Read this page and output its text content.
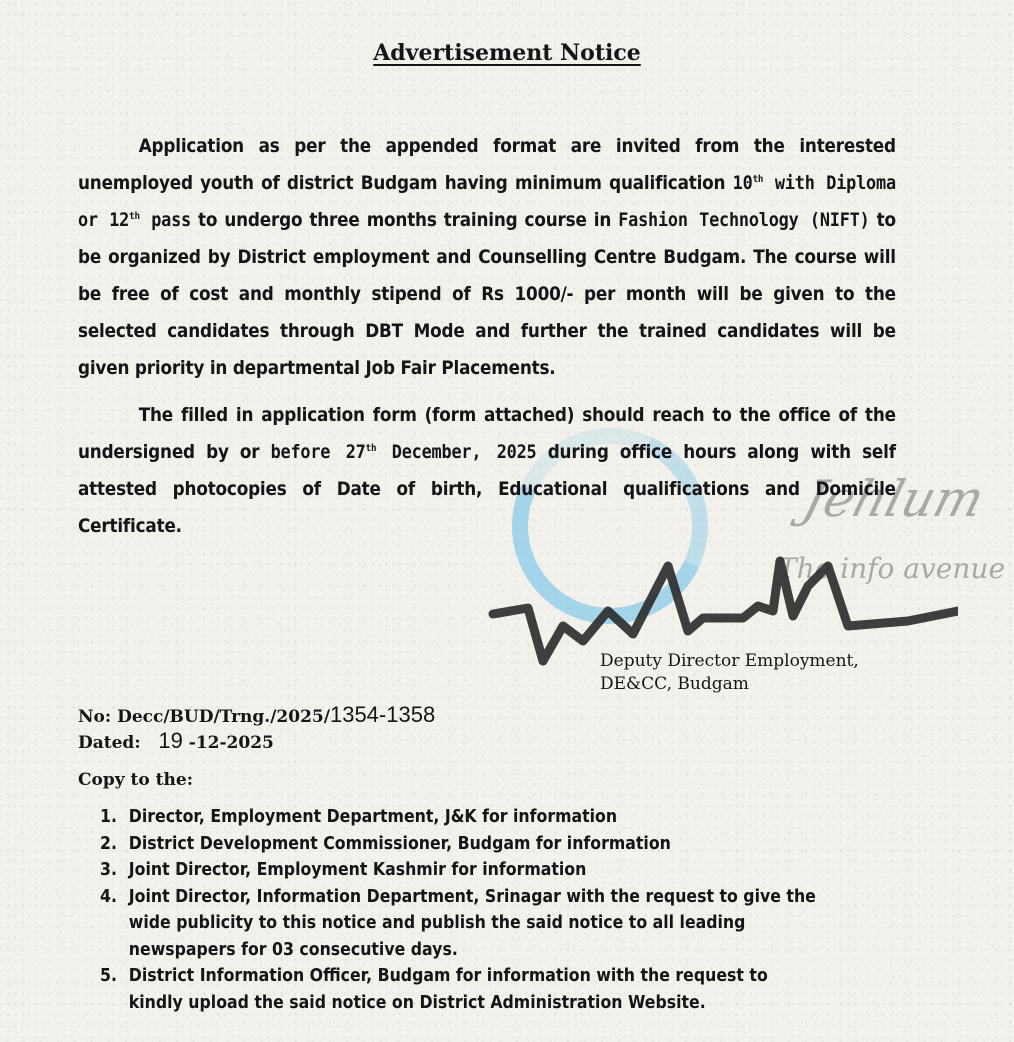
Jehlum
The info avenue
Advertisement Notice
Application as per the appended format are invited from the interested unemployed youth of district Budgam having minimum qualification 10th with Diploma or 12th pass to undergo three months training course in Fashion Technology (NIFT) to be organized by District employment and Counselling Centre Budgam. The course will be free of cost and monthly stipend of Rs 1000/- per month will be given to the selected candidates through DBT Mode and further the trained candidates will be given priority in departmental Job Fair Placements.
The filled in application form (form attached) should reach to the office of the undersigned by or before 27th December, 2025 during office hours along with self attested photocopies of Date of birth, Educational qualifications and Domicile Certificate.
Deputy Director Employment,
DE&CC, Budgam
No: Decc/BUD/Trng./2025/1354-1358
Dated: 19 -12-2025
Copy to the:
1. Director, Employment Department, J&K for information
2. District Development Commissioner, Budgam for information
3. Joint Director, Employment Kashmir for information
4. Joint Director, Information Department, Srinagar with the request to give the wide publicity to this notice and publish the said notice to all leading newspapers for 03 consecutive days.
5. District Information Officer, Budgam for information with the request to kindly upload the said notice on District Administration Website.
